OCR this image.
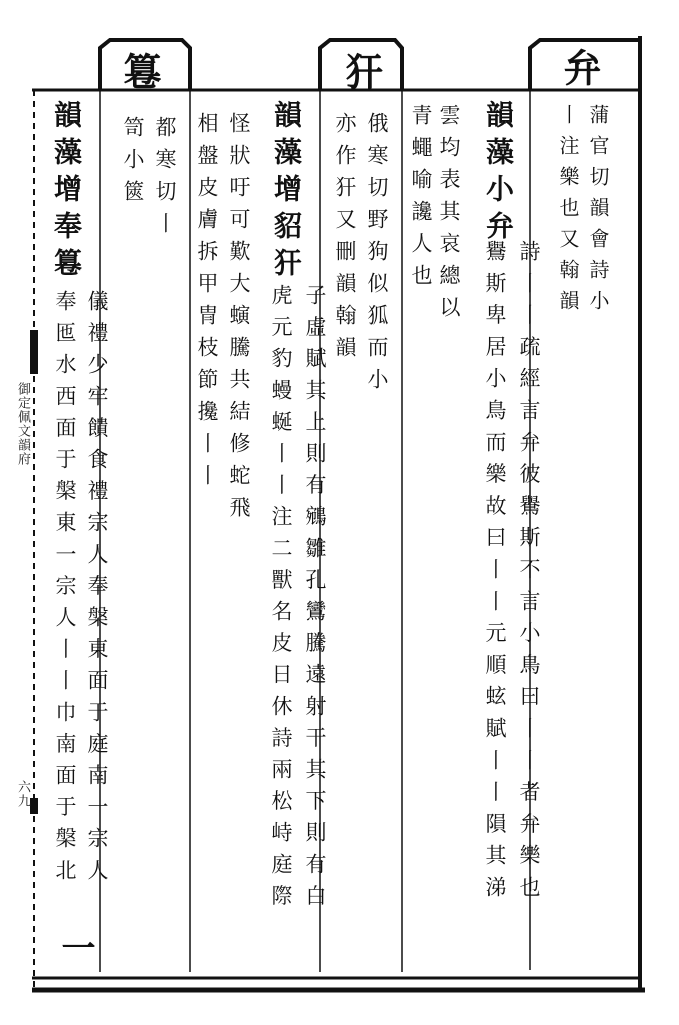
弁
蒲官切韻會詩小
丨注樂也又翰韻
韻藻小弁
詩丨丨疏經言弁彼鸒斯不言小鳥曰丨丨者弁樂也
鸒斯卑居小鳥而樂故曰丨丨元順蚿賦丨丨隕其涕
雲均表其哀總以
青蠅喻讒人也
犴
俄寒切野狗似狐而小
亦作犴又刪韻翰韻
韻藻增貂犴
子虛賦其上則有鵷雛孔鸞騰遠射干其下則有白
虎元豹蟃蜒丨丨注二獸名皮日休詩兩松峙庭際
怪狀吁可歎大螾騰共結修蛇飛
相盤皮膚拆甲冑枝節攙丨丨
篹
都寒切丨
笥小篋
韻藻增奉篹
儀禮少牢饋食禮宗人奉槃東面于庭南一宗人
奉匜水西面于槃東一宗人丨丨巾南面于槃北
一
御定佩文韻府
六九
